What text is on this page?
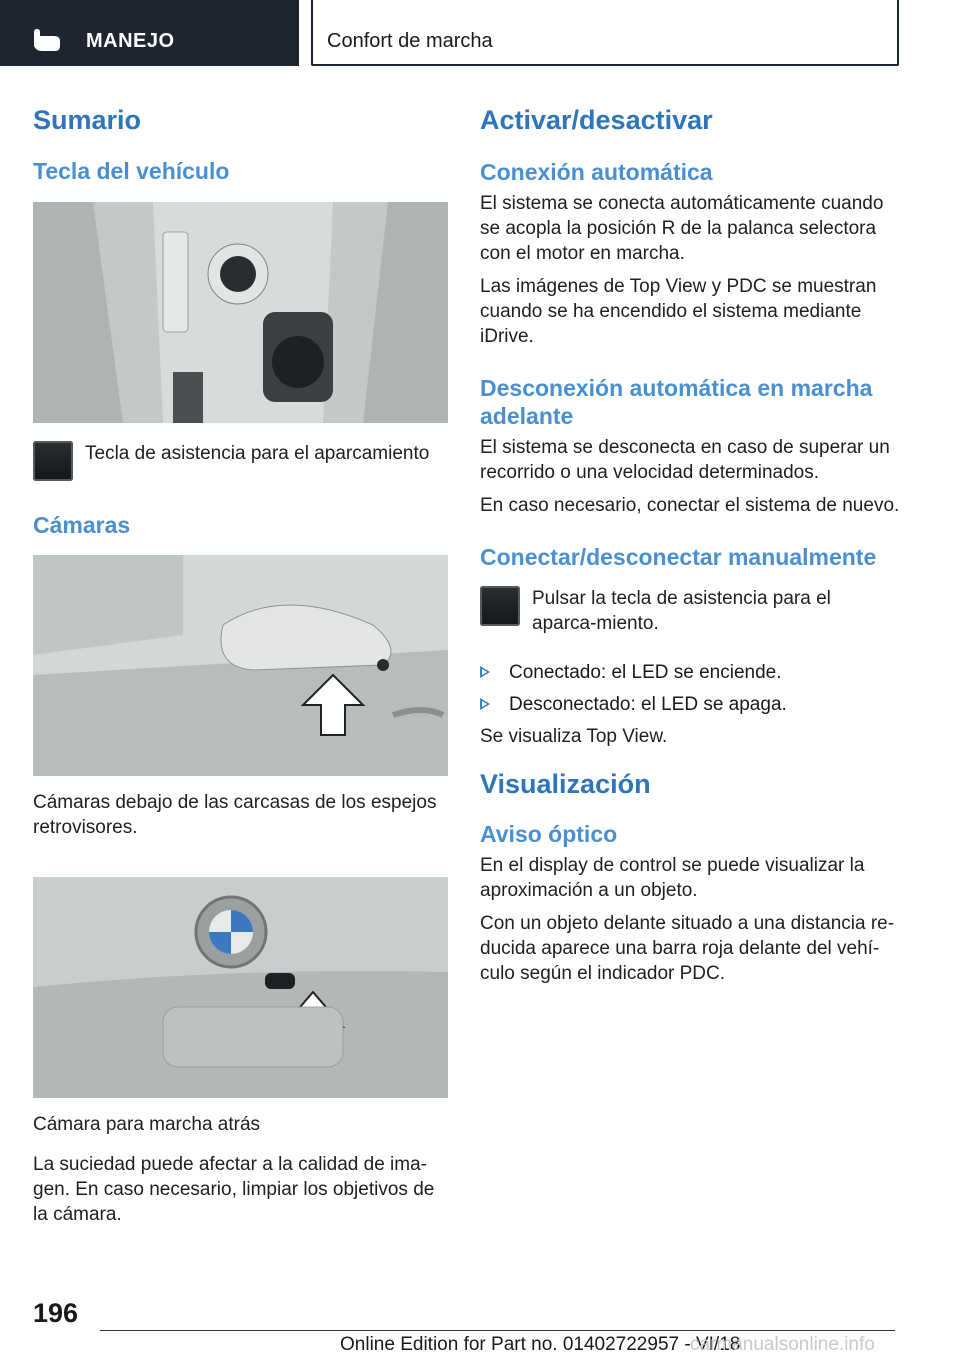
MANEJO	Confort de marcha
Sumario
Tecla del vehículo

Tecla de asistencia para el aparcamiento

Cámaras

Cámaras debajo de las carcasas de los espejos retrovisores.

Cámara para marcha atrás

La suciedad puede afectar a la calidad de ima-gen. En caso necesario, limpiar los objetivos de la cámara.

Activar/desactivar
Conexión automática

El sistema se conecta automáticamente cuando se acopla la posición R de la palanca selectora con el motor en marcha.

Las imágenes de Top View y PDC se muestran cuando se ha encendido el sistema mediante iDrive.

Desconexión automática en marcha adelante

El sistema se desconecta en caso de superar un recorrido o una velocidad determinados.

En caso necesario, conectar el sistema de nuevo.

Conectar/desconectar manualmente

Pulsar la tecla de asistencia para el aparca-miento.

Conectado: el LED se enciende.
Desconectado: el LED se apaga.

Se visualiza Top View.

Visualización
Aviso óptico

En el display de control se puede visualizar la aproximación a un objeto.

Con un objeto delante situado a una distancia re-ducida aparece una barra roja delante del vehí-culo según el indicador PDC.

196
Online Edition for Part no. 01402722957 - VI/18
carmanualsonline.info
